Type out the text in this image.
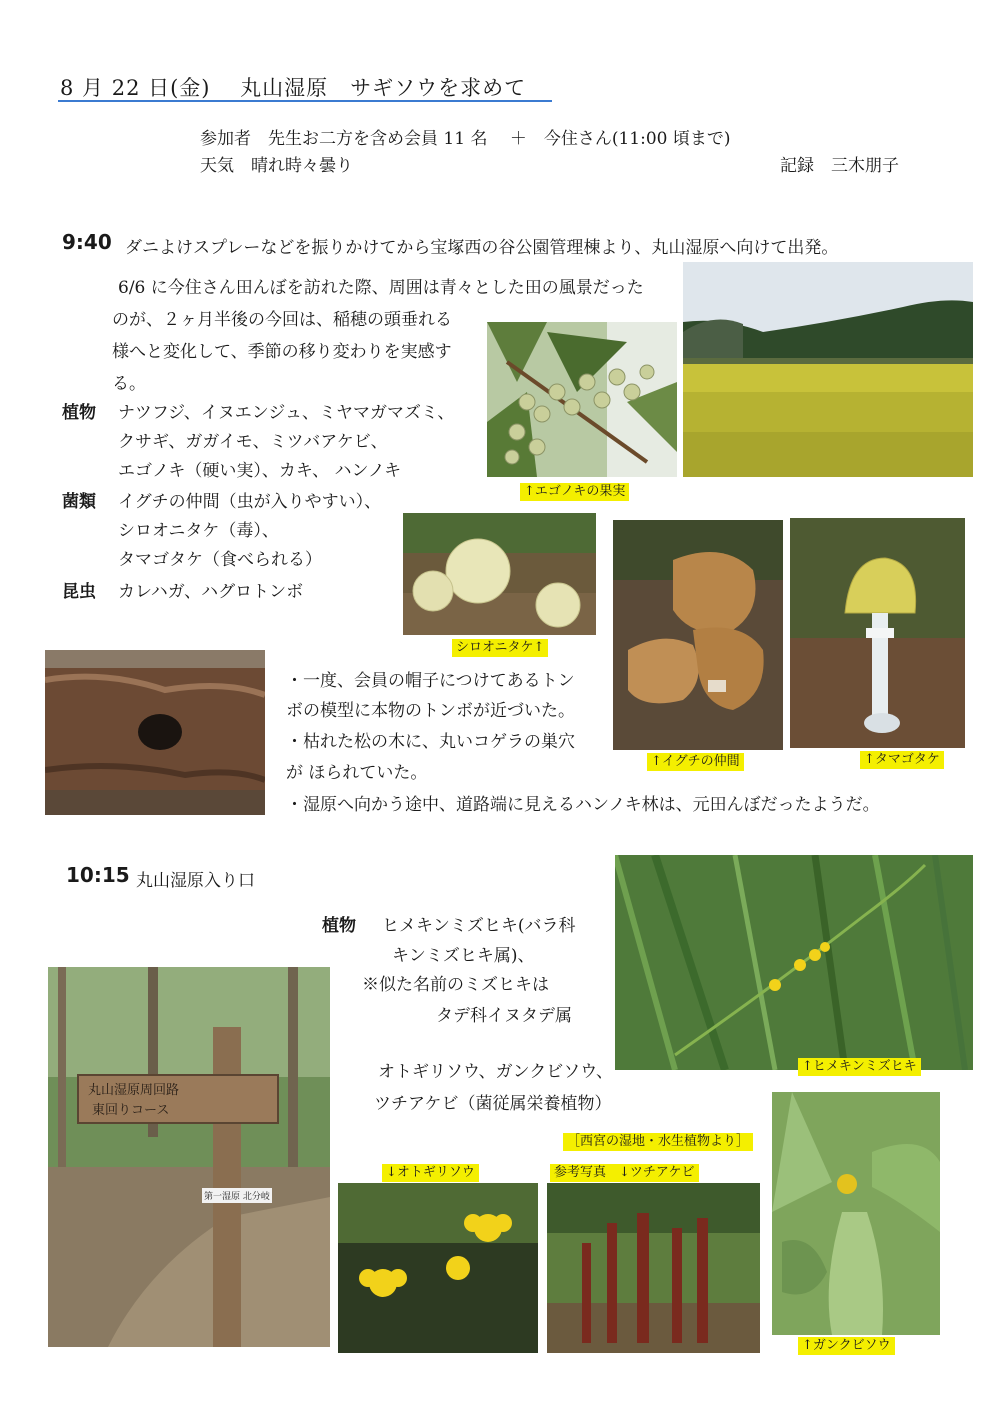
8 月 22 日(金)　 丸山湿原　サギソウを求めて
参加者　先生お二方を含め会員 11 名　 ＋　今住さん(11:00 頃まで)
天気　晴れ時々曇り	記録　三木朋子
9:40 ダニよけスプレーなどを振りかけてから宝塚西の谷公園管理棟より、丸山湿原へ向けて出発。
6/6 に今住さん田んぼを訪れた際、周囲は青々とした田の風景だった
のが、２ヶ月半後の今回は、稲穂の頭垂れる
様へと変化して、季節の移り変わりを実感す
る。
植物 ナツフジ、イヌエンジュ、ミヤマガマズミ、
クサギ、ガガイモ、ミツバアケビ、
エゴノキ（硬い実）、カキ、 ハンノキ
菌類 イグチの仲間（虫が入りやすい）、
シロオニタケ（毒）、
タマゴタケ（食べられる）
昆虫 カレハガ、ハグロトンボ
↑エゴノキの果実
シロオニタケ↑
↑イグチの仲間	↑タマゴタケ
・一度、会員の帽子につけてあるトン
ボの模型に本物のトンボが近づいた。
・枯れた松の木に、丸いコゲラの巣穴
が ほられていた。
・湿原へ向かう途中、道路端に見えるハンノキ林は、元田んぼだったようだ。
10:15 丸山湿原入り口
植物 ヒメキンミズヒキ(バラ科
キンミズヒキ属)、
※似た名前のミズヒキは
タデ科イヌタデ属
オトギリソウ、ガンクビソウ、
ツチアケビ（菌従属栄養植物）
↑ヒメキンミズヒキ
丸山湿原周回路
東回りコース
第一湿原 北分岐
↓オトギリソウ
［西宮の湿地・水生植物より］
参考写真　↓ツチアケビ
↑ガンクビソウ
